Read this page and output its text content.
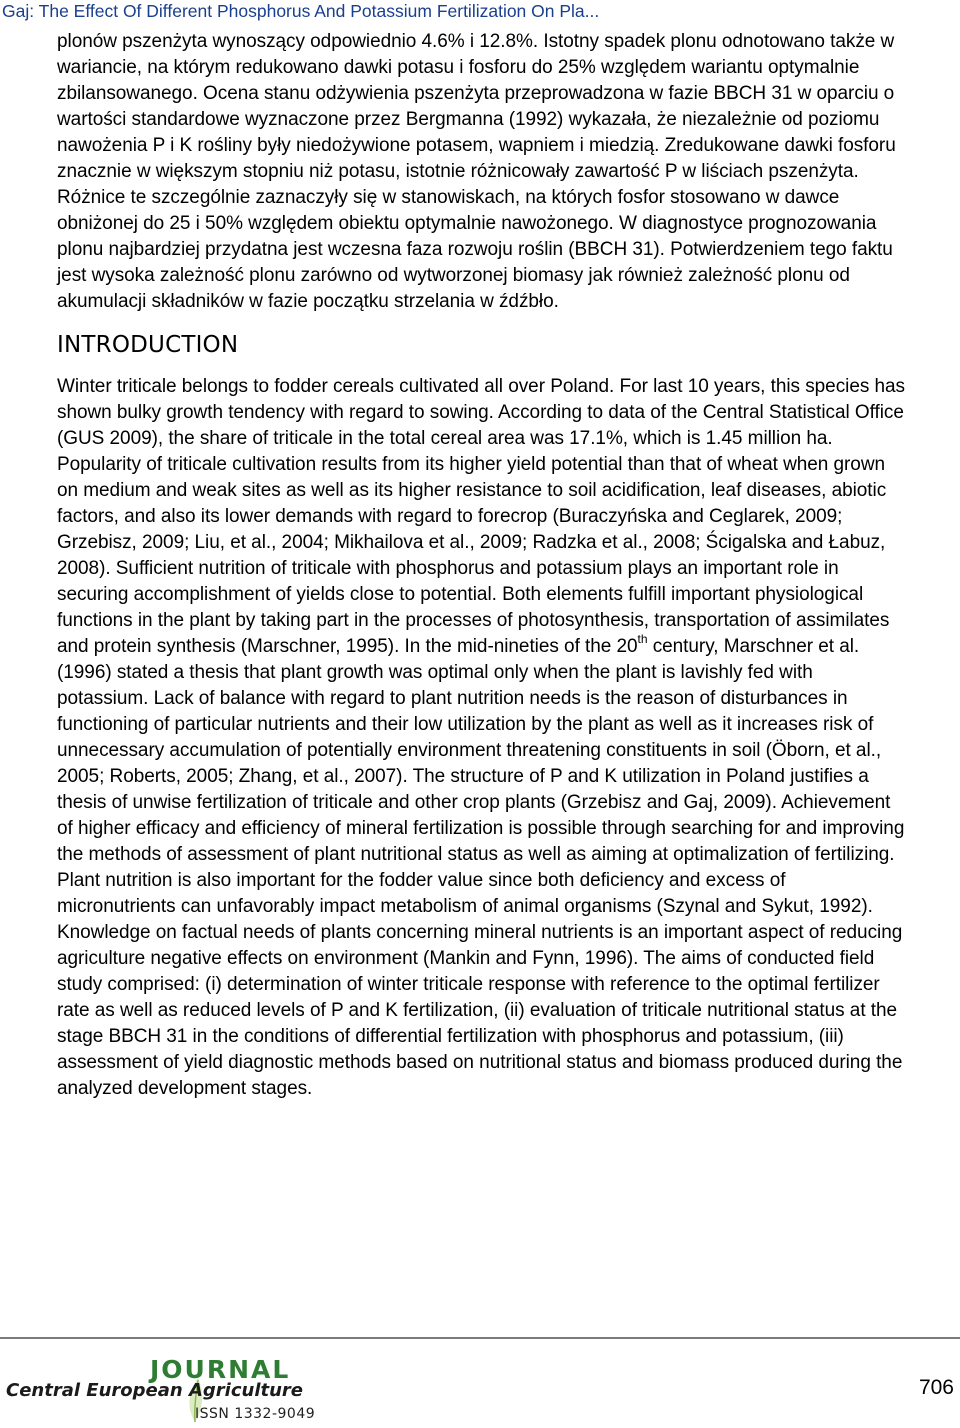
Gaj: The Effect Of Different Phosphorus And Potassium Fertilization On Pla...

plonów pszenżyta wynoszący odpowiednio 4.6% i 12.8%. Istotny spadek plonu odnotowano także w wariancie, na którym redukowano dawki potasu i fosforu do 25% względem wariantu optymalnie zbilansowanego. Ocena stanu odżywienia pszenżyta przeprowadzona w fazie BBCH 31 w oparciu o wartości standardowe wyznaczone przez Bergmanna (1992) wykazała, że niezależnie od poziomu nawożenia P i K rośliny były niedożywione potasem, wapniem i miedzią. Zredukowane dawki fosforu znacznie w większym stopniu niż potasu, istotnie różnicowały zawartość P w liściach pszenżyta. Różnice te szczególnie zaznaczyły się w stanowiskach, na których fosfor stosowano w dawce obniżonej do 25 i 50% względem obiektu optymalnie nawożonego. W diagnostyce prognozowania plonu najbardziej przydatna jest wczesna faza rozwoju roślin (BBCH 31). Potwierdzeniem tego faktu jest wysoka zależność plonu zarówno od wytworzonej biomasy jak również zależność plonu od akumulacji składników w fazie początku strzelania w źdźbło.

INTRODUCTION

Winter triticale belongs to fodder cereals cultivated all over Poland. For last 10 years, this species has shown bulky growth tendency with regard to sowing. According to data of the Central Statistical Office (GUS 2009), the share of triticale in the total cereal area was 17.1%, which is 1.45 million ha. Popularity of triticale cultivation results from its higher yield potential than that of wheat when grown on medium and weak sites as well as its higher resistance to soil acidification, leaf diseases, abiotic factors, and also its lower demands with regard to forecrop (Buraczyńska and Ceglarek, 2009; Grzebisz, 2009; Liu, et al., 2004; Mikhailova et al., 2009; Radzka et al., 2008; Ścigalska and Łabuz, 2008). Sufficient nutrition of triticale with phosphorus and potassium plays an important role in securing accomplishment of yields close to potential. Both elements fulfill important physiological functions in the plant by taking part in the processes of photosynthesis, transportation of assimilates and protein synthesis (Marschner, 1995). In the mid-nineties of the 20th century, Marschner et al. (1996) stated a thesis that plant growth was optimal only when the plant is lavishly fed with potassium. Lack of balance with regard to plant nutrition needs is the reason of disturbances in functioning of particular nutrients and their low utilization by the plant as well as it increases risk of unnecessary accumulation of potentially environment threatening constituents in soil (Öborn, et al., 2005; Roberts, 2005; Zhang, et al., 2007). The structure of P and K utilization in Poland justifies a thesis of unwise fertilization of triticale and other crop plants (Grzebisz and Gaj, 2009). Achievement of higher efficacy and efficiency of mineral fertilization is possible through searching for and improving the methods of assessment of plant nutritional status as well as aiming at optimalization of fertilizing. Plant nutrition is also important for the fodder value since both deficiency and excess of micronutrients can unfavorably impact metabolism of animal organisms (Szynal and Sykut, 1992). Knowledge on factual needs of plants concerning mineral nutrients is an important aspect of reducing agriculture negative effects on environment (Mankin and Fynn, 1996). The aims of conducted field study comprised: (i) determination of winter triticale response with reference to the optimal fertilizer rate as well as reduced levels of P and K fertilization, (ii) evaluation of triticale nutritional status at the stage BBCH 31 in the conditions of differential fertilization with phosphorus and potassium, (iii) assessment of yield diagnostic methods based on nutritional status and biomass produced during the analyzed development stages.

JOURNAL
Central European Agriculture
ISSN 1332-9049
706
